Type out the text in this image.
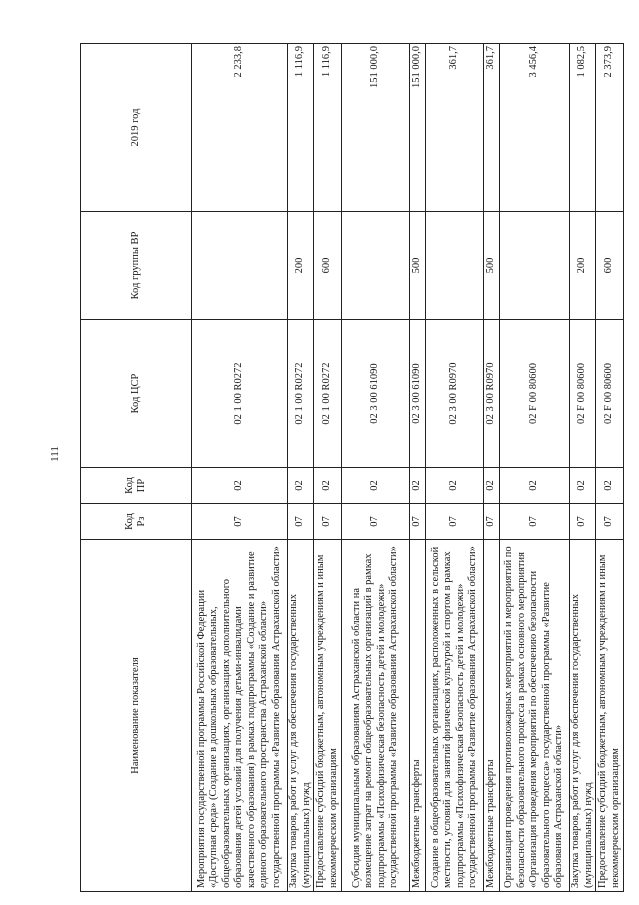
111
Наименование показателя	Код Рз	Код ПР	Код ЦСР	Код группы ВР	2019 год
Мероприятия государственной программы Российской Федерации «Доступная среда» (Создание в дошкольных образовательных, общеобразовательных организациях, организациях дополнительного образования детей условий для получения детьми-инвалидами качественного образования) в рамках подпрограммы «Создание и развитие единого образовательного пространства Астраханской области» государственной программы «Развитие образования Астраханской области»	07	02	02 1 00 R0272		2 233,8
Закупка товаров, работ и услуг для обеспечения государственных (муниципальных) нужд	07	02	02 1 00 R0272	200	1 116,9
Предоставление субсидий бюджетным, автономным учреждениям и иным некоммерческим организациям	07	02	02 1 00 R0272	600	1 116,9
Субсидия муниципальным образованиям Астраханской области на возмещение затрат на ремонт общеобразовательных организаций в рамках подпрограммы «Психофизическая безопасность детей и молодежи» государственной программы «Развитие образования Астраханской области»	07	02	02 3 00 61090		151 000,0
Межбюджетные трансферты	07	02	02 3 00 61090	500	151 000,0
Создание в общеобразовательных организациях, расположенных в сельской местности, условий для занятий физической культурой и спортом в рамках подпрограммы «Психофизическая безопасность детей и молодежи» государственной программы «Развитие образования Астраханской области»	07	02	02 3 00 R0970		361,7
Межбюджетные трансферты	07	02	02 3 00 R0970	500	361,7
Организация проведения противопожарных мероприятий и мероприятий по безопасности образовательного процесса в рамках основного мероприятия «Организация проведения мероприятий по обеспечению безопасности образовательного процесса» государственной программы «Развитие образования Астраханской области»	07	02	02 F 00 80600		3 456,4
Закупка товаров, работ и услуг для обеспечения государственных (муниципальных) нужд	07	02	02 F 00 80600	200	1 082,5
Предоставление субсидий бюджетным, автономным учреждениям и иным некоммерческим организациям	07	02	02 F 00 80600	600	2 373,9
